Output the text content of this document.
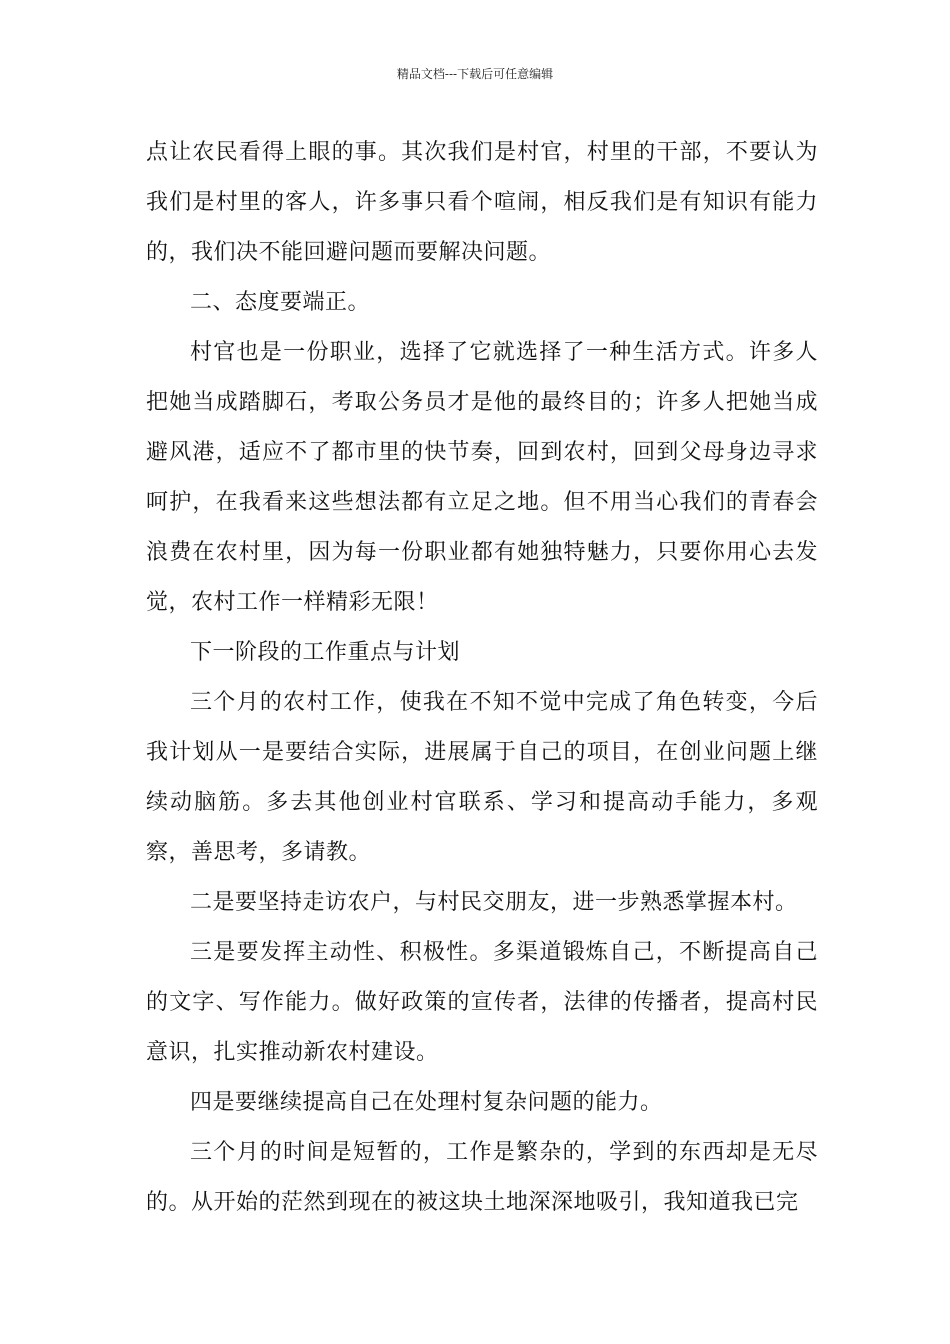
精品文档---下载后可任意编辑

点让农民看得上眼的事。其次我们是村官，村里的干部，不要认为我们是村里的客人，许多事只看个喧闹，相反我们是有知识有能力的，我们决不能回避问题而要解决问题。

二、态度要端正。

村官也是一份职业，选择了它就选择了一种生活方式。许多人把她当成踏脚石，考取公务员才是他的最终目的；许多人把她当成避风港，适应不了都市里的快节奏，回到农村，回到父母身边寻求呵护，在我看来这些想法都有立足之地。但不用当心我们的青春会浪费在农村里，因为每一份职业都有她独特魅力，只要你用心去发觉，农村工作一样精彩无限！

下一阶段的工作重点与计划

三个月的农村工作，使我在不知不觉中完成了角色转变，今后我计划从一是要结合实际，进展属于自己的项目，在创业问题上继续动脑筋。多去其他创业村官联系、学习和提高动手能力，多观察，善思考，多请教。

二是要坚持走访农户，与村民交朋友，进一步熟悉掌握本村。

三是要发挥主动性、积极性。多渠道锻炼自己，不断提高自己的文字、写作能力。做好政策的宣传者，法律的传播者，提高村民意识，扎实推动新农村建设。

四是要继续提高自己在处理村复杂问题的能力。

三个月的时间是短暂的，工作是繁杂的，学到的东西却是无尽的。从开始的茫然到现在的被这块土地深深地吸引，我知道我已完
